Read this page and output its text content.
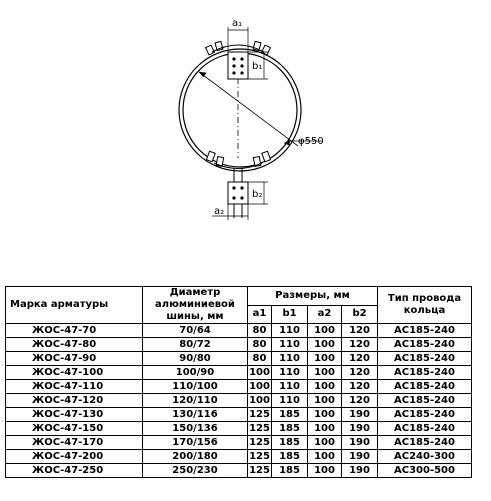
φ550
a₁
b₁
b₂
a₂
Марка арматуры	Диаметр алюминиевой шины, мм	Размеры, мм				Тип провода кольца
		a1	b1	a2	b2	
ЖОС-47-70	70/64	80	110	100	120	АС185-240
ЖОС-47-80	80/72	80	110	100	120	АС185-240
ЖОС-47-90	90/80	80	110	100	120	АС185-240
ЖОС-47-100	100/90	100	110	100	120	АС185-240
ЖОС-47-110	110/100	100	110	100	120	АС185-240
ЖОС-47-120	120/110	100	110	100	120	АС185-240
ЖОС-47-130	130/116	125	185	100	190	АС185-240
ЖОС-47-150	150/136	125	185	100	190	АС185-240
ЖОС-47-170	170/156	125	185	100	190	АС185-240
ЖОС-47-200	200/180	125	185	100	190	АС240-300
ЖОС-47-250	250/230	125	185	100	190	АС300-500
